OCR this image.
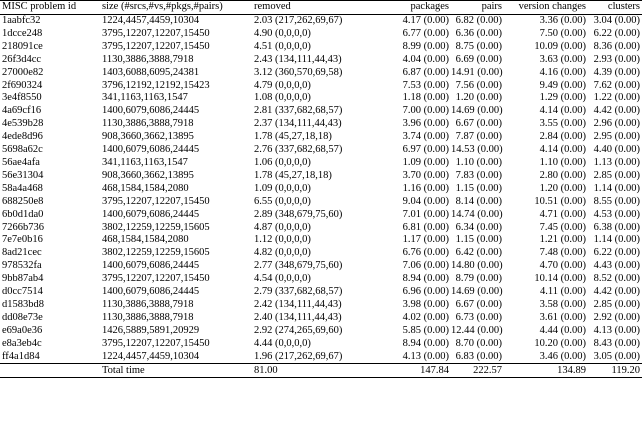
MISC problem id	size (#srcs,#vs,#pkgs,#pairs)	removed	packages	pairs	version changes	clusters
1aabfc32	1224,4457,4459,10304	2.03 (217,262,69,67)	4.17 (0.00)	6.82 (0.00)	3.36 (0.00)	3.04 (0.00)
1dcce248	3795,12207,12207,15450	4.90 (0,0,0,0)	6.77 (0.00)	6.36 (0.00)	7.50 (0.00)	6.22 (0.00)
218091ce	3795,12207,12207,15450	4.51 (0,0,0,0)	8.99 (0.00)	8.75 (0.00)	10.09 (0.00)	8.36 (0.00)
26f3d4cc	1130,3886,3888,7918	2.43 (134,111,44,43)	4.04 (0.00)	6.69 (0.00)	3.63 (0.00)	2.93 (0.00)
27000e82	1403,6088,6095,24381	3.12 (360,570,69,58)	6.87 (0.00)	14.91 (0.00)	4.16 (0.00)	4.39 (0.00)
2f690324	3796,12192,12192,15423	4.79 (0,0,0,0)	7.53 (0.00)	7.56 (0.00)	9.49 (0.00)	7.62 (0.00)
3e4f8550	341,1163,1163,1547	1.08 (0,0,0,0)	1.18 (0.00)	1.20 (0.00)	1.29 (0.00)	1.22 (0.00)
4a69cf16	1400,6079,6086,24445	2.81 (337,682,68,57)	7.00 (0.00)	14.69 (0.00)	4.14 (0.00)	4.42 (0.00)
4e539b28	1130,3886,3888,7918	2.37 (134,111,44,43)	3.96 (0.00)	6.67 (0.00)	3.55 (0.00)	2.96 (0.00)
4ede8d96	908,3660,3662,13895	1.78 (45,27,18,18)	3.74 (0.00)	7.87 (0.00)	2.84 (0.00)	2.95 (0.00)
5698a62c	1400,6079,6086,24445	2.76 (337,682,68,57)	6.97 (0.00)	14.53 (0.00)	4.14 (0.00)	4.40 (0.00)
56ae4afa	341,1163,1163,1547	1.06 (0,0,0,0)	1.09 (0.00)	1.10 (0.00)	1.10 (0.00)	1.13 (0.00)
56e31304	908,3660,3662,13895	1.78 (45,27,18,18)	3.70 (0.00)	7.83 (0.00)	2.80 (0.00)	2.85 (0.00)
58a4a468	468,1584,1584,2080	1.09 (0,0,0,0)	1.16 (0.00)	1.15 (0.00)	1.20 (0.00)	1.14 (0.00)
688250e8	3795,12207,12207,15450	6.55 (0,0,0,0)	9.04 (0.00)	8.14 (0.00)	10.51 (0.00)	8.55 (0.00)
6b0d1da0	1400,6079,6086,24445	2.89 (348,679,75,60)	7.01 (0.00)	14.74 (0.00)	4.71 (0.00)	4.53 (0.00)
7266b736	3802,12259,12259,15605	4.87 (0,0,0,0)	6.81 (0.00)	6.34 (0.00)	7.45 (0.00)	6.38 (0.00)
7e7e0b16	468,1584,1584,2080	1.12 (0,0,0,0)	1.17 (0.00)	1.15 (0.00)	1.21 (0.00)	1.14 (0.00)
8ad21cec	3802,12259,12259,15605	4.82 (0,0,0,0)	6.76 (0.00)	6.42 (0.00)	7.48 (0.00)	6.22 (0.00)
978532fa	1400,6079,6086,24445	2.77 (348,679,75,60)	7.06 (0.00)	14.80 (0.00)	4.70 (0.00)	4.43 (0.00)
9bb87ab4	3795,12207,12207,15450	4.54 (0,0,0,0)	8.94 (0.00)	8.79 (0.00)	10.14 (0.00)	8.52 (0.00)
d0cc7514	1400,6079,6086,24445	2.79 (337,682,68,57)	6.96 (0.00)	14.69 (0.00)	4.11 (0.00)	4.42 (0.00)
d1583bd8	1130,3886,3888,7918	2.42 (134,111,44,43)	3.98 (0.00)	6.67 (0.00)	3.58 (0.00)	2.85 (0.00)
dd08e73e	1130,3886,3888,7918	2.40 (134,111,44,43)	4.02 (0.00)	6.73 (0.00)	3.61 (0.00)	2.92 (0.00)
e69a0e36	1426,5889,5891,20929	2.92 (274,265,69,60)	5.85 (0.00)	12.44 (0.00)	4.44 (0.00)	4.13 (0.00)
e8a3eb4c	3795,12207,12207,15450	4.44 (0,0,0,0)	8.94 (0.00)	8.70 (0.00)	10.20 (0.00)	8.43 (0.00)
ff4a1d84	1224,4457,4459,10304	1.96 (217,262,69,67)	4.13 (0.00)	6.83 (0.00)	3.46 (0.00)	3.05 (0.00)
	Total time	81.00	147.84	222.57	134.89	119.20
